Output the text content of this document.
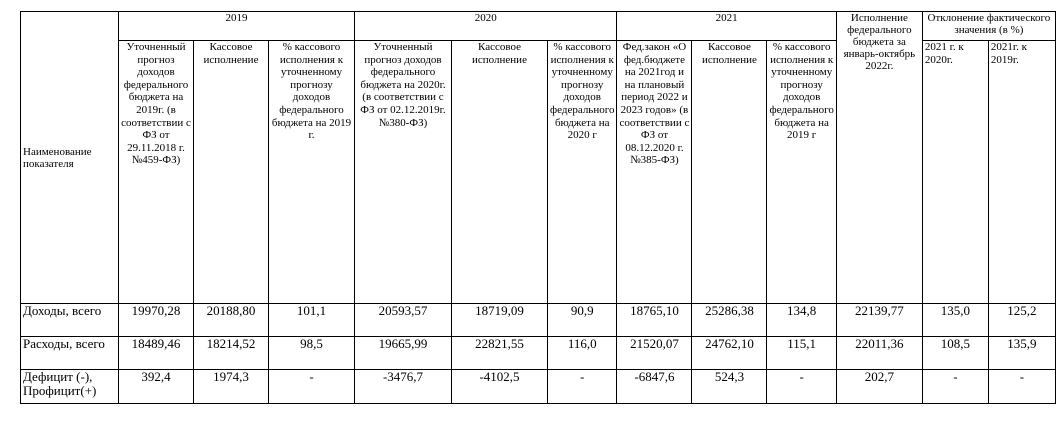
Наименование показателя	2019			2020			2021			Исполнение федерального бюджета за январь-октябрь 2022г.	Отклонение фактического значения (в %)	
	Уточненный прогноз доходов федерального бюджета на 2019г. (в соответствии с ФЗ от 29.11.2018 г. №459-ФЗ)	Кассовое исполнение	% кассового исполнения к уточненному прогнозу доходов федерального бюджета на 2019 г.	Уточненный прогноз доходов федерального бюджета на 2020г. (в соответствии с ФЗ от 02.12.2019г. №380-ФЗ)	Кассовое исполнение	% кассового исполнения к уточненному прогнозу доходов федерального бюджета на 2020 г	Фед.закон «О фед.бюджете на 2021год и на плановый период 2022 и 2023 годов» (в соответствии с ФЗ от 08.12.2020 г. №385-ФЗ)	Кассовое исполнение	% кассового исполнения к уточненному прогнозу доходов федерального бюджета на 2019 г		2021 г. к 2020г.	2021г. к 2019г.
Доходы, всего	19970,28	20188,80	101,1	20593,57	18719,09	90,9	18765,10	25286,38	134,8	22139,77	135,0	125,2
Расходы, всего	18489,46	18214,52	98,5	19665,99	22821,55	116,0	21520,07	24762,10	115,1	22011,36	108,5	135,9
Дефицит (-), Профицит(+)	392,4	1974,3	-	-3476,7	-4102,5	-	-6847,6	524,3	-	202,7	-	-
